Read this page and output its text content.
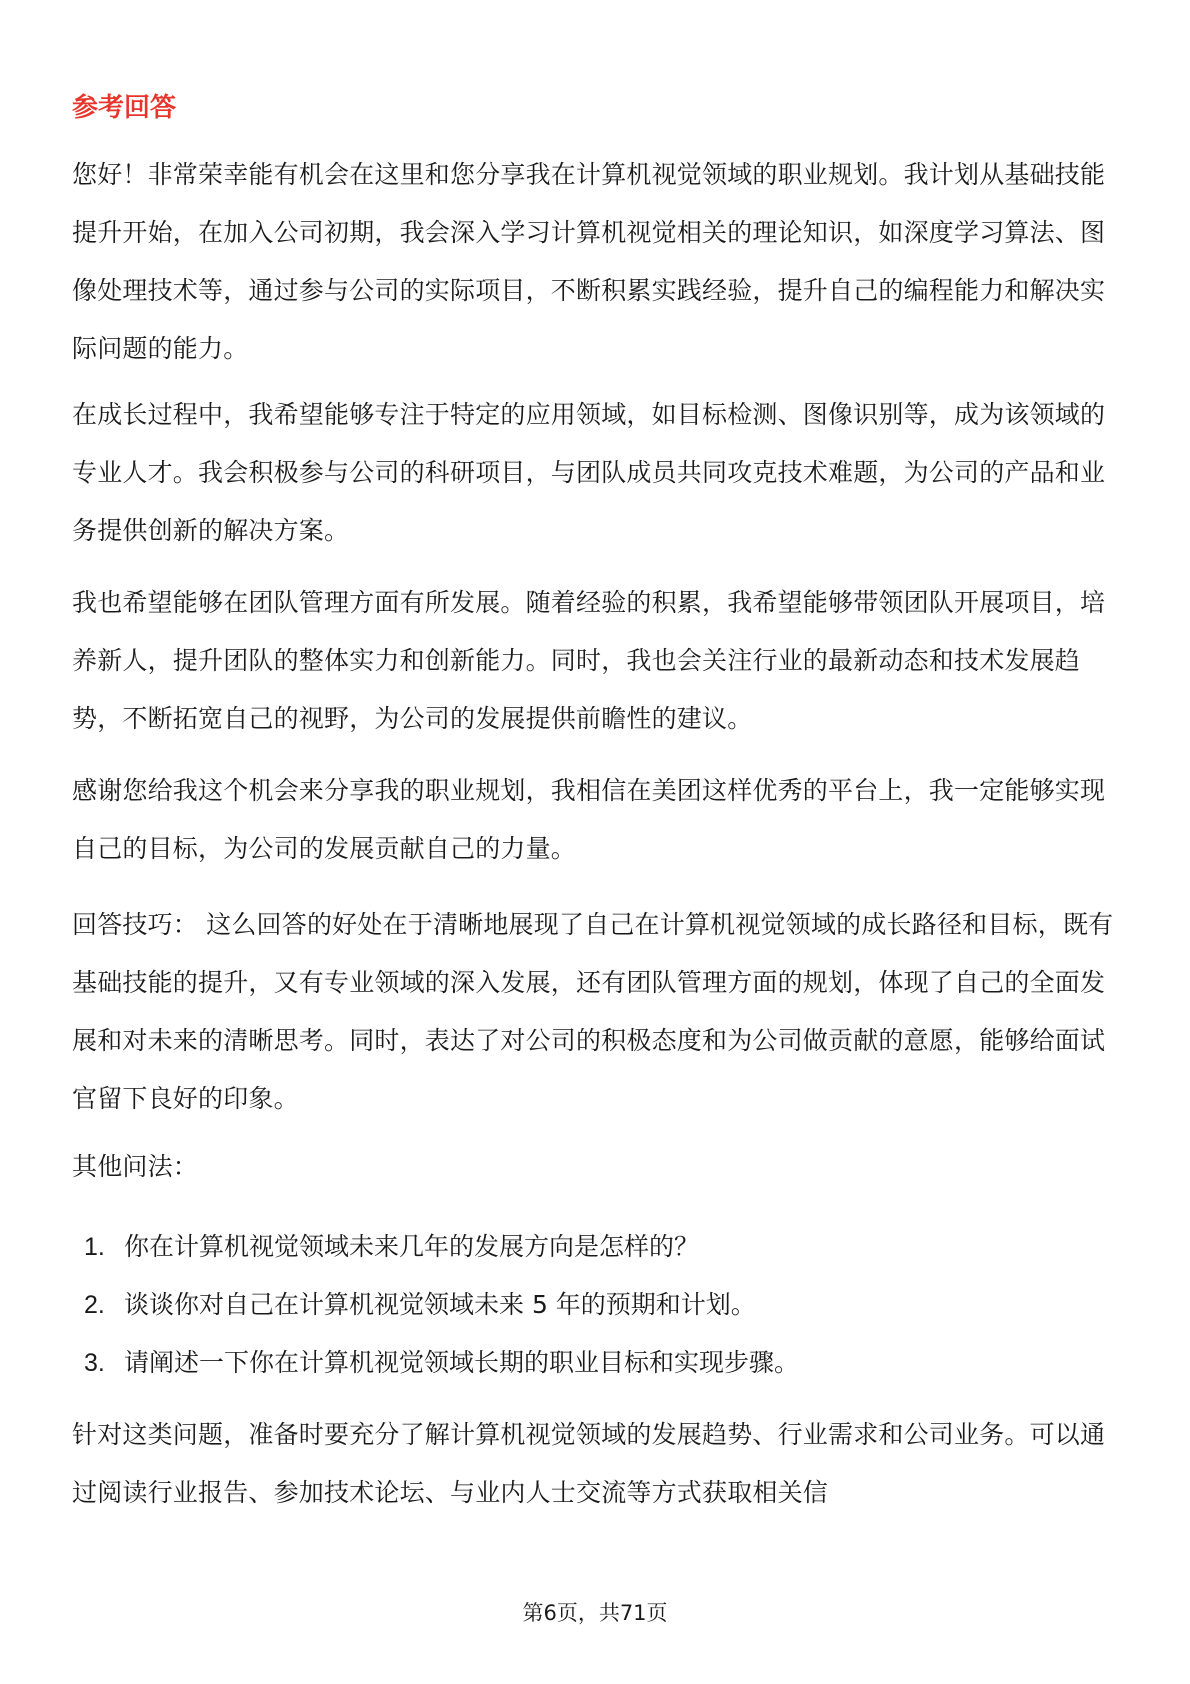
参考回答
您好！非常荣幸能有机会在这里和您分享我在计算机视觉领域的职业规划。我计划从基础技能提升开始，在加入公司初期，我会深入学习计算机视觉相关的理论知识，如深度学习算法、图像处理技术等，通过参与公司的实际项目，不断积累实践经验，提升自己的编程能力和解决实际问题的能力。
在成长过程中，我希望能够专注于特定的应用领域，如目标检测、图像识别等，成为该领域的专业人才。我会积极参与公司的科研项目，与团队成员共同攻克技术难题，为公司的产品和业务提供创新的解决方案。
我也希望能够在团队管理方面有所发展。随着经验的积累，我希望能够带领团队开展项目，培养新人，提升团队的整体实力和创新能力。同时，我也会关注行业的最新动态和技术发展趋势，不断拓宽自己的视野，为公司的发展提供前瞻性的建议。
感谢您给我这个机会来分享我的职业规划，我相信在美团这样优秀的平台上，我一定能够实现自己的目标，为公司的发展贡献自己的力量。
回答技巧： 这么回答的好处在于清晰地展现了自己在计算机视觉领域的成长路径和目标，既有基础技能的提升，又有专业领域的深入发展，还有团队管理方面的规划，体现了自己的全面发展和对未来的清晰思考。同时，表达了对公司的积极态度和为公司做贡献的意愿，能够给面试官留下良好的印象。
其他问法：
1. 你在计算机视觉领域未来几年的发展方向是怎样的？
2. 谈谈你对自己在计算机视觉领域未来 5 年的预期和计划。
3. 请阐述一下你在计算机视觉领域长期的职业目标和实现步骤。
针对这类问题，准备时要充分了解计算机视觉领域的发展趋势、行业需求和公司业务。可以通过阅读行业报告、参加技术论坛、与业内人士交流等方式获取相关信
第6页，共71页
